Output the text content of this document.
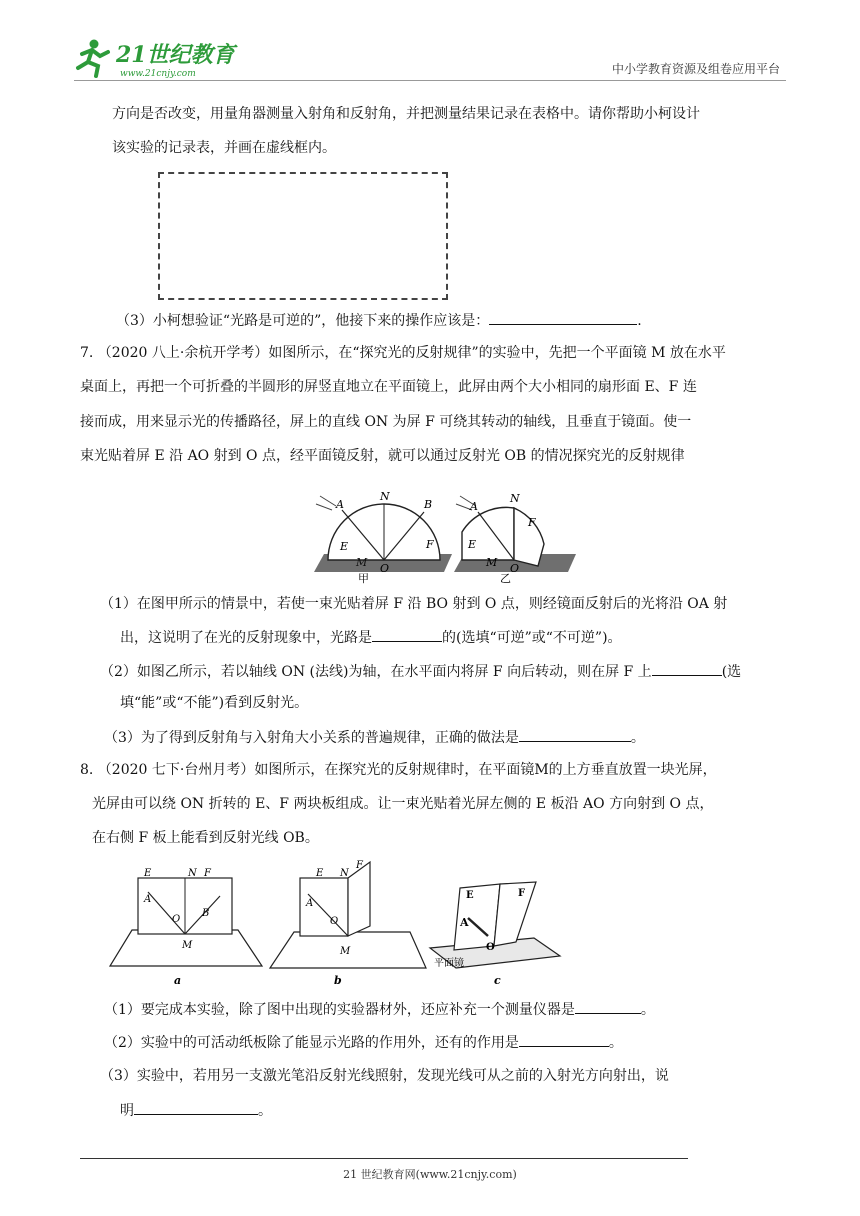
21世纪教育
www.21cnjy.com	中小学教育资源及组卷应用平台
方向是否改变，用量角器测量入射角和反射角，并把测量结果记录在表格中。请你帮助小柯设计
该实验的记录表，并画在虚线框内。
（3）小柯想验证“光路是可逆的”，他接下来的操作应该是：	.
7. （2020 八上·余杭开学考）如图所示，在“探究光的反射规律”的实验中，先把一个平面镜 M 放在水平
桌面上，再把一个可折叠的半圆形的屏竖直地立在平面镜上，此屏由两个大小相同的扇形面 E、F 连
接而成，用来显示光的传播路径，屏上的直线 ON 为屏 F 可绕其转动的轴线，且垂直于镜面。使一
束光贴着屏 E 沿 AO 射到 O 点，经平面镜反射，就可以通过反射光 OB 的情况探究光的反射规律
A
N
B
E	F
M O
甲
A
N
E
F
M O
乙
（1）在图甲所示的情景中，若使一束光贴着屏 F 沿 BO 射到 O 点，则经镜面反射后的光将沿 OA 射
出，这说明了在光的反射现象中，光路是	的(选填“可逆”或“不可逆”)。
（2）如图乙所示，若以轴线 ON (法线)为轴，在水平面内将屏 F 向后转动，则在屏 F 上	(选
填“能”或“不能”)看到反射光。
（3）为了得到反射角与入射角大小关系的普遍规律，正确的做法是	。
8. （2020 七下·台州月考）如图所示，在探究光的反射规律时，在平面镜M的上方垂直放置一块光屏，
光屏由可以绕 ON 折转的 E、F 两块板组成。让一束光贴着光屏左侧的 E 板沿 AO 方向射到 O 点，
在右侧 F 板上能看到反射光线 OB。
E	N F
A
O
B
M
a
E N
F
A
O
M
b
E	F
A
O
平面镜
c
（1）要完成本实验，除了图中出现的实验器材外，还应补充一个测量仪器是	。
（2）实验中的可活动纸板除了能显示光路的作用外，还有的作用是	。
（3）实验中，若用另一支激光笔沿反射光线照射，发现光线可从之前的入射光方向射出，说
明	。
21 世纪教育网(www.21cnjy.com)
